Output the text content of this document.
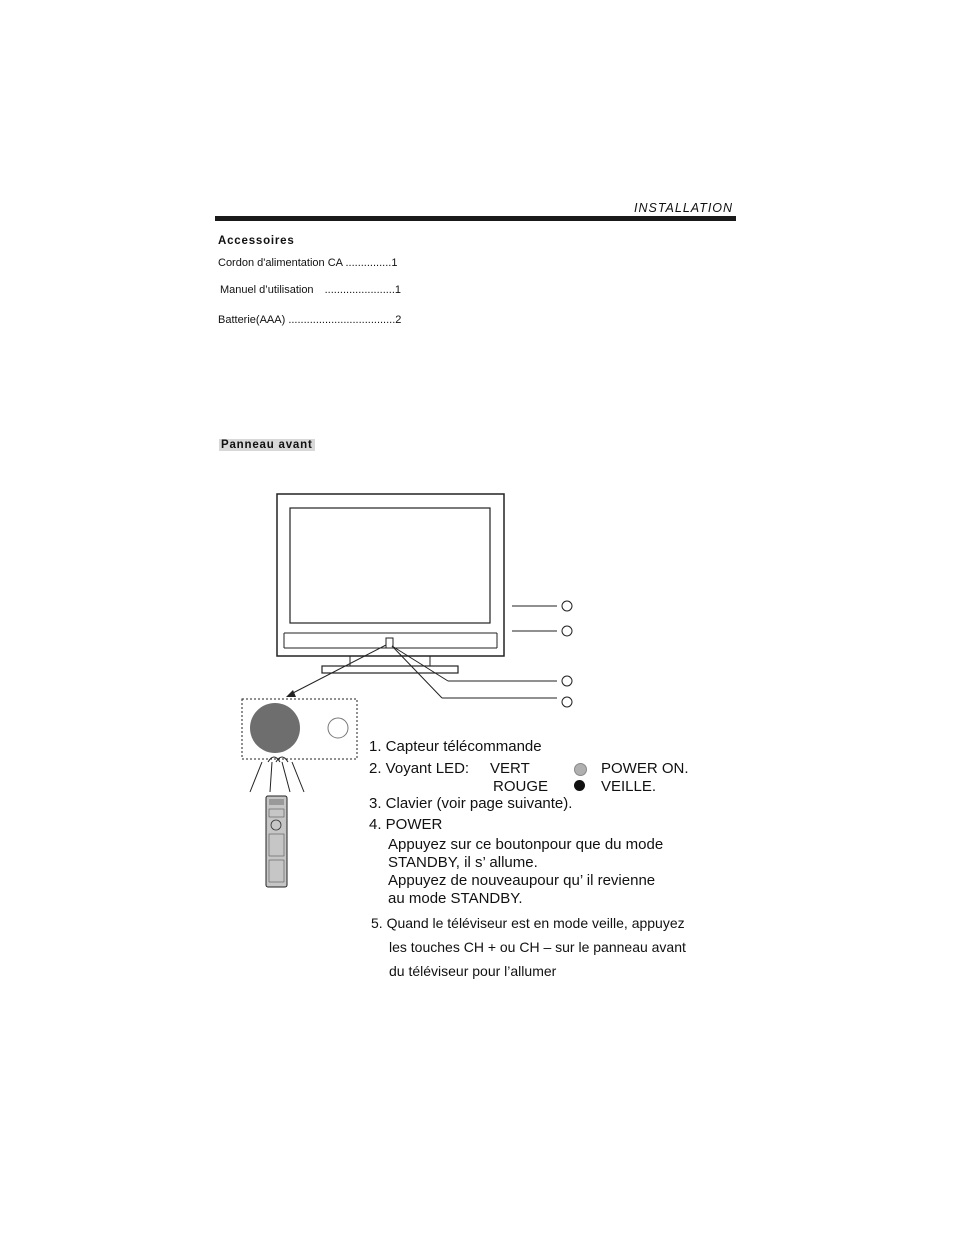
INSTALLATION
Accessoires
Cordon d'alimentation CA ...............1
Manuel d’utilisation .......................1
Batterie(AAA) ...................................2
Panneau avant
1. Capteur télécommande
2. Voyant LED: VERT	POWER ON.
ROUGE	VEILLE.
3. Clavier (voir page suivante).
4. POWER
Appuyez sur ce boutonpour que du mode
STANDBY, il s’ allume.
Appuyez de nouveaupour qu’ il revienne
au mode STANDBY.
5. Quand le téléviseur est en mode veille, appuyez
les touches CH + ou CH – sur le panneau avant
du téléviseur pour l’allumer
